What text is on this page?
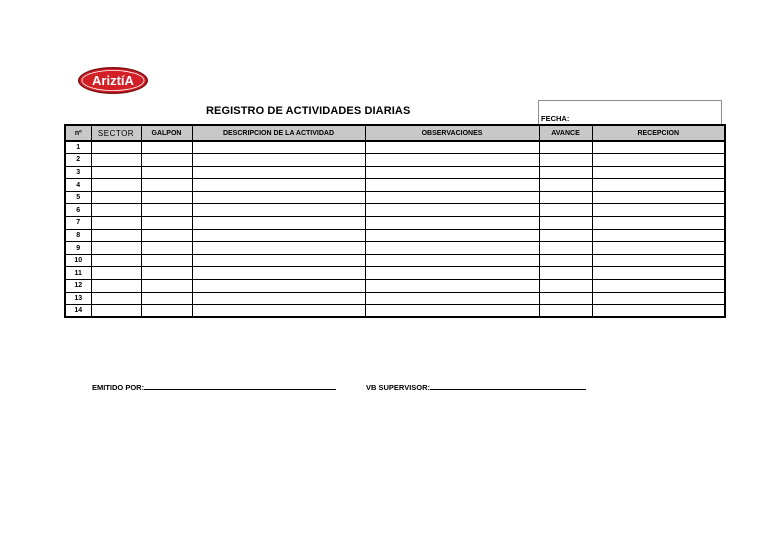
AriztíA
REGISTRO DE ACTIVIDADES DIARIAS
FECHA:
nº	SECTOR	GALPON	DESCRIPCION DE LA ACTIVIDAD	OBSERVACIONES	AVANCE	RECEPCION
1						
2						
3						
4						
5						
6						
7						
8						
9						
10						
11						
12						
13						
14						
EMITIDO POR:	VB SUPERVISOR:
